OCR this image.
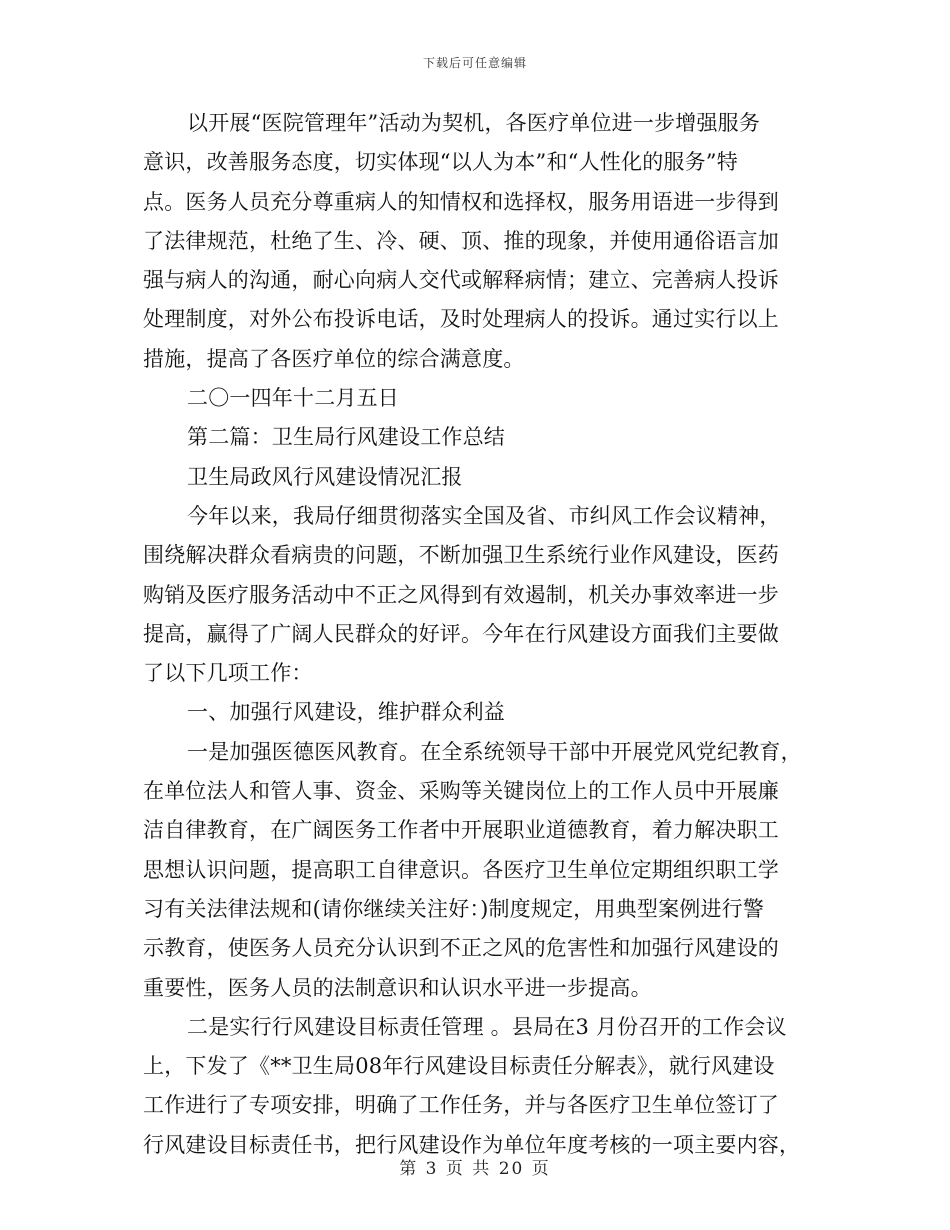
下载后可任意编辑
以开展“医院管理年”活动为契机，各医疗单位进一步增强服务
意识，改善服务态度，切实体现“以人为本”和“人性化的服务”特
点。医务人员充分尊重病人的知情权和选择权，服务用语进一步得到
了法律规范，杜绝了生、冷、硬、顶、推的现象，并使用通俗语言加
强与病人的沟通，耐心向病人交代或解释病情；建立、完善病人投诉
处理制度，对外公布投诉电话，及时处理病人的投诉。通过实行以上
措施，提高了各医疗单位的综合满意度。
二〇一四年十二月五日
第二篇：卫生局行风建设工作总结
卫生局政风行风建设情况汇报
今年以来，我局仔细贯彻落实全国及省、市纠风工作会议精神，
围绕解决群众看病贵的问题，不断加强卫生系统行业作风建设，医药
购销及医疗服务活动中不正之风得到有效遏制，机关办事效率进一步
提高，赢得了广阔人民群众的好评。今年在行风建设方面我们主要做
了以下几项工作：
一、加强行风建设，维护群众利益
一是加强医德医风教育。在全系统领导干部中开展党风党纪教育，
在单位法人和管人事、资金、采购等关键岗位上的工作人员中开展廉
洁自律教育，在广阔医务工作者中开展职业道德教育，着力解决职工
思想认识问题，提高职工自律意识。各医疗卫生单位定期组织职工学
习有关法律法规和(请你继续关注好：)制度规定，用典型案例进行警
示教育，使医务人员充分认识到不正之风的危害性和加强行风建设的
重要性，医务人员的法制意识和认识水平进一步提高。
二是实行行风建设目标责任管理 。县局在3 月份召开的工作会议
上，下发了《**卫生局08年行风建设目标责任分解表》，就行风建设
工作进行了专项安排，明确了工作任务，并与各医疗卫生单位签订了
行风建设目标责任书，把行风建设作为单位年度考核的一项主要内容，
第 3 页 共 20 页
